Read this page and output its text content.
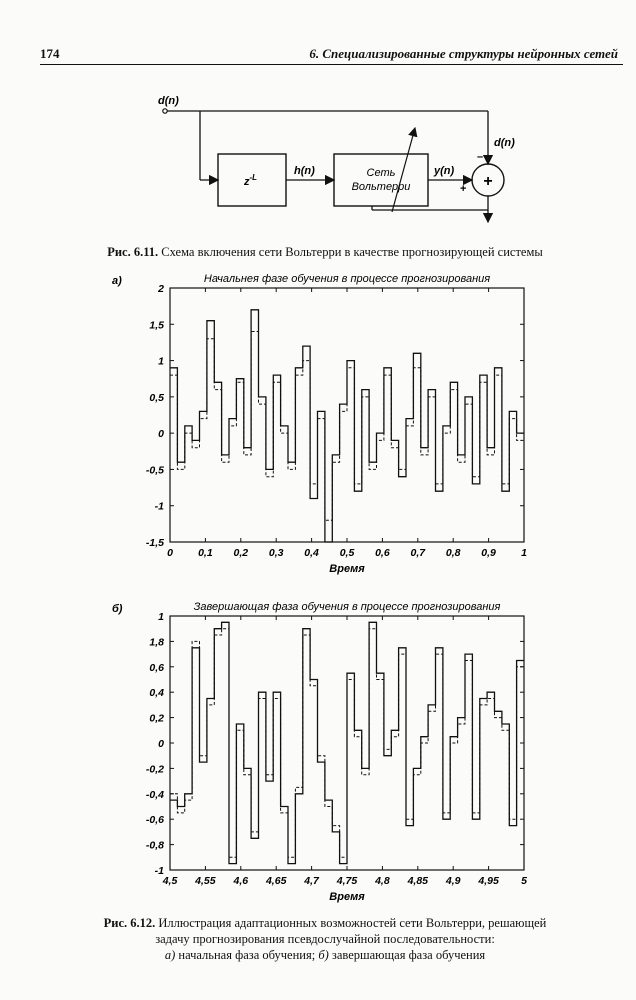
174	6. Специализированные структуры нейронных сетей
d(n)
d(n)
$z^{-L}$
h(n)	Сеть
Вольтерри
y(n)
+
–
+
Рис. 6.11. Схема включения сети Вольтерри в качестве прогнозирующей системы
а)	Начальнея фазе обучения в процессе прогнозирования
2
1,5
1
0,5
0
-0,5
-1
-1,5
0 0,1 0,2 0,3 0,4 0,5 0,6 0,7 0,8 0,9 1
Время
б)	Завершающая фаза обучения в процессе прогнозирования
1
1,8
0,6
0,4
0,2
0
-0,2
-0,4
-0,6
-0,8
-1
4,5 4,55 4,6 4,65 4,7 4,75 4,8 4,85 4,9 4,95 5
Время
Рис. 6.12. Иллюстрация адаптационных возможностей сети Вольтерри, решающей
задачу прогнозирования псевдослучайной последовательности:
а) начальная фаза обучения; б) завершающая фаза обучения
